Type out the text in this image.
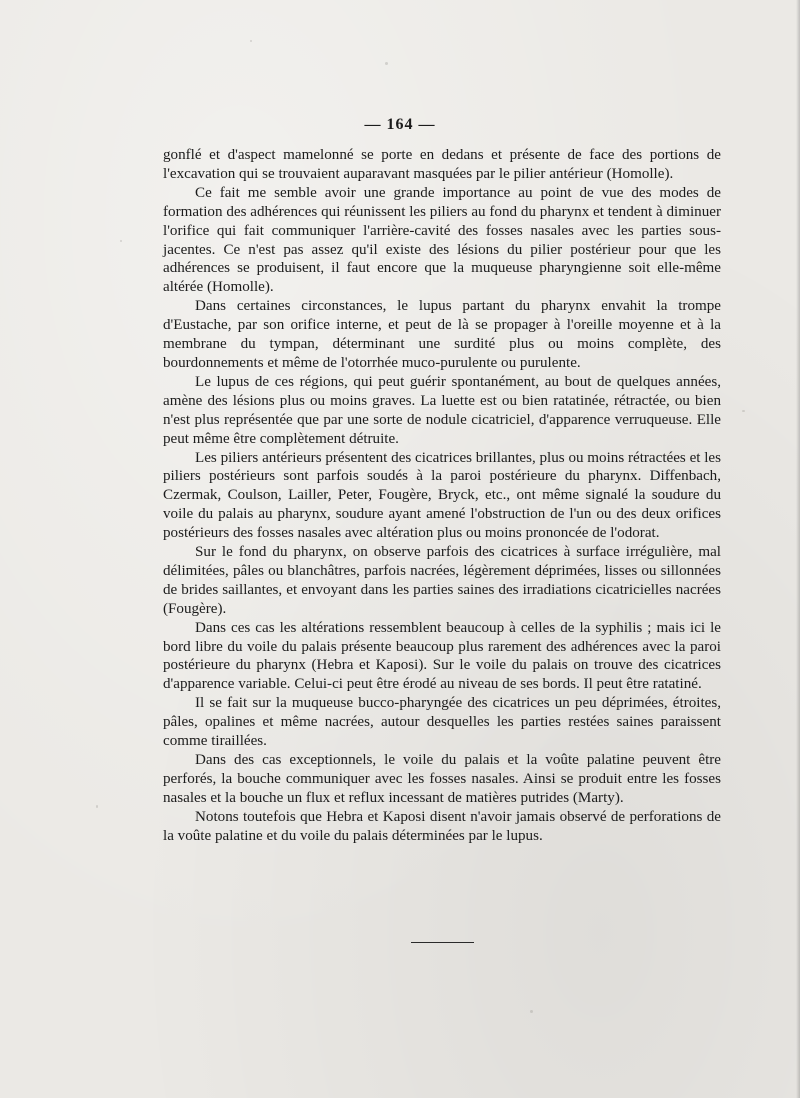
— 164 —

gonflé et d'aspect mamelonné se porte en dedans et présente de face des portions de l'excavation qui se trouvaient auparavant masquées par le pilier antérieur (Homolle).

Ce fait me semble avoir une grande importance au point de vue des modes de formation des adhérences qui réunissent les piliers au fond du pharynx et tendent à diminuer l'orifice qui fait communiquer l'arrière-cavité des fosses nasales avec les parties sous-jacentes. Ce n'est pas assez qu'il existe des lésions du pilier postérieur pour que les adhérences se produisent, il faut encore que la muqueuse pharyngienne soit elle-même altérée (Homolle).

Dans certaines circonstances, le lupus partant du pharynx envahit la trompe d'Eustache, par son orifice interne, et peut de là se propager à l'oreille moyenne et à la membrane du tympan, déterminant une surdité plus ou moins complète, des bourdonnements et même de l'otorrhée muco-purulente ou purulente.

Le lupus de ces régions, qui peut guérir spontanément, au bout de quelques années, amène des lésions plus ou moins graves. La luette est ou bien ratatinée, rétractée, ou bien n'est plus représentée que par une sorte de nodule cicatriciel, d'apparence verruqueuse. Elle peut même être complètement détruite.

Les piliers antérieurs présentent des cicatrices brillantes, plus ou moins rétractées et les piliers postérieurs sont parfois soudés à la paroi postérieure du pharynx. Diffenbach, Czermak, Coulson, Lailler, Peter, Fougère, Bryck, etc., ont même signalé la soudure du voile du palais au pharynx, soudure ayant amené l'obstruction de l'un ou des deux orifices postérieurs des fosses nasales avec altération plus ou moins prononcée de l'odorat.

Sur le fond du pharynx, on observe parfois des cicatrices à surface irrégulière, mal délimitées, pâles ou blanchâtres, parfois nacrées, légèrement déprimées, lisses ou sillonnées de brides saillantes, et envoyant dans les parties saines des irradiations cicatricielles nacrées (Fougère).

Dans ces cas les altérations ressemblent beaucoup à celles de la syphilis ; mais ici le bord libre du voile du palais présente beaucoup plus rarement des adhérences avec la paroi postérieure du pharynx (Hebra et Kaposi). Sur le voile du palais on trouve des cicatrices d'apparence variable. Celui-ci peut être érodé au niveau de ses bords. Il peut être ratatiné.

Il se fait sur la muqueuse bucco-pharyngée des cicatrices un peu déprimées, étroites, pâles, opalines et même nacrées, autour desquelles les parties restées saines paraissent comme tiraillées.

Dans des cas exceptionnels, le voile du palais et la voûte palatine peuvent être perforés, la bouche communiquer avec les fosses nasales. Ainsi se produit entre les fosses nasales et la bouche un flux et reflux incessant de matières putrides (Marty).

Notons toutefois que Hebra et Kaposi disent n'avoir jamais observé de perforations de la voûte palatine et du voile du palais déterminées par le lupus.
